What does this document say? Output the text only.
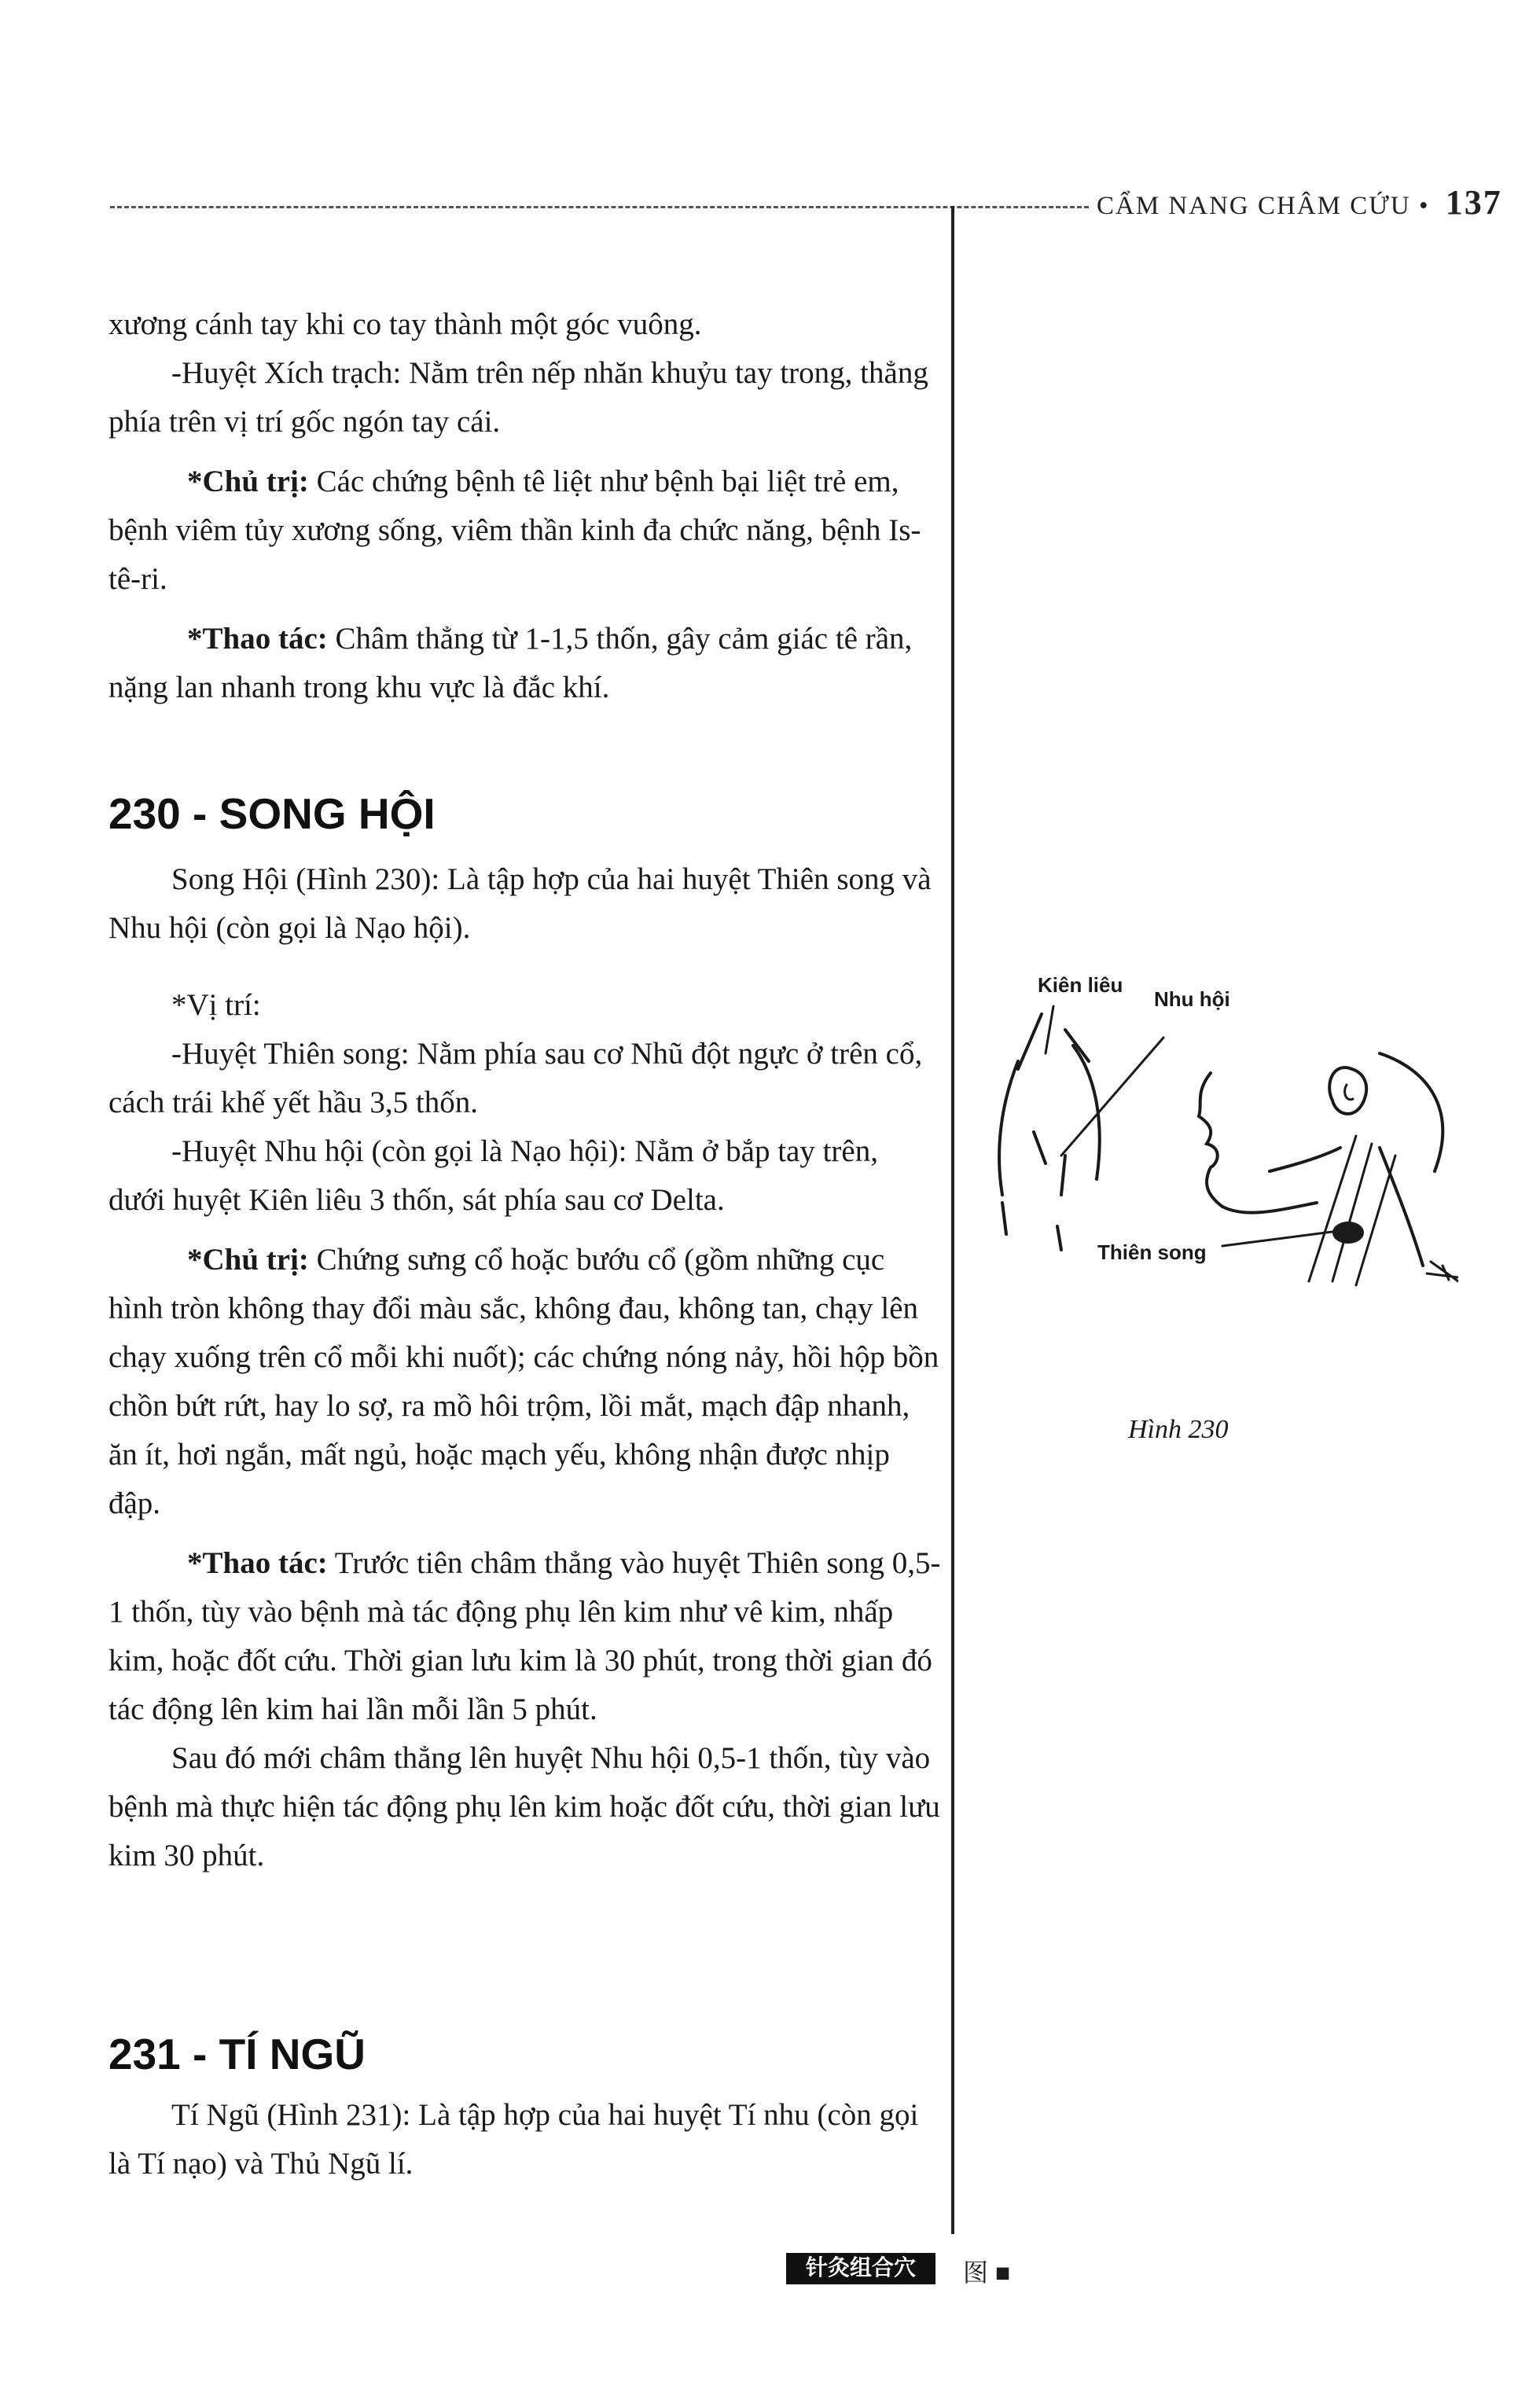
CẨM NANG CHÂM CỨU • 137

xương cánh tay khi co tay thành một góc vuông.

-Huyệt Xích trạch: Nằm trên nếp nhăn khuỷu tay trong, thẳng phía trên vị trí gốc ngón tay cái.

*Chủ trị: Các chứng bệnh tê liệt như bệnh bại liệt trẻ em, bệnh viêm tủy xương sống, viêm thần kinh đa chức năng, bệnh Is-tê-ri.

*Thao tác: Châm thẳng từ 1-1,5 thốn, gây cảm giác tê rần, nặng lan nhanh trong khu vực là đắc khí.

230 - SONG HỘI

Song Hội (Hình 230): Là tập hợp của hai huyệt Thiên song và Nhu hội (còn gọi là Nạo hội).

*Vị trí:

-Huyệt Thiên song: Nằm phía sau cơ Nhũ đột ngực ở trên cổ, cách trái khế yết hầu 3,5 thốn.

-Huyệt Nhu hội (còn gọi là Nạo hội): Nằm ở bắp tay trên, dưới huyệt Kiên liêu 3 thốn, sát phía sau cơ Delta.

*Chủ trị: Chứng sưng cổ hoặc bướu cổ (gồm những cục hình tròn không thay đổi màu sắc, không đau, không tan, chạy lên chạy xuống trên cổ mỗi khi nuốt); các chứng nóng nảy, hồi hộp bồn chồn bứt rứt, hay lo sợ, ra mồ hôi trộm, lồi mắt, mạch đập nhanh, ăn ít, hơi ngắn, mất ngủ, hoặc mạch yếu, không nhận được nhịp đập.

*Thao tác: Trước tiên châm thẳng vào huyệt Thiên song 0,5-1 thốn, tùy vào bệnh mà tác động phụ lên kim như vê kim, nhấp kim, hoặc đốt cứu. Thời gian lưu kim là 30 phút, trong thời gian đó tác động lên kim hai lần mỗi lần 5 phút.

Sau đó mới châm thẳng lên huyệt Nhu hội 0,5-1 thốn, tùy vào bệnh mà thực hiện tác động phụ lên kim hoặc đốt cứu, thời gian lưu kim 30 phút.

231 - TÍ NGŨ

Tí Ngũ (Hình 231): Là tập hợp của hai huyệt Tí nhu (còn gọi là Tí nạo) và Thủ Ngũ lí.

Kiên liêu
Nhu hội
Thiên song
Hình 230
针灸组合穴	图 ■
